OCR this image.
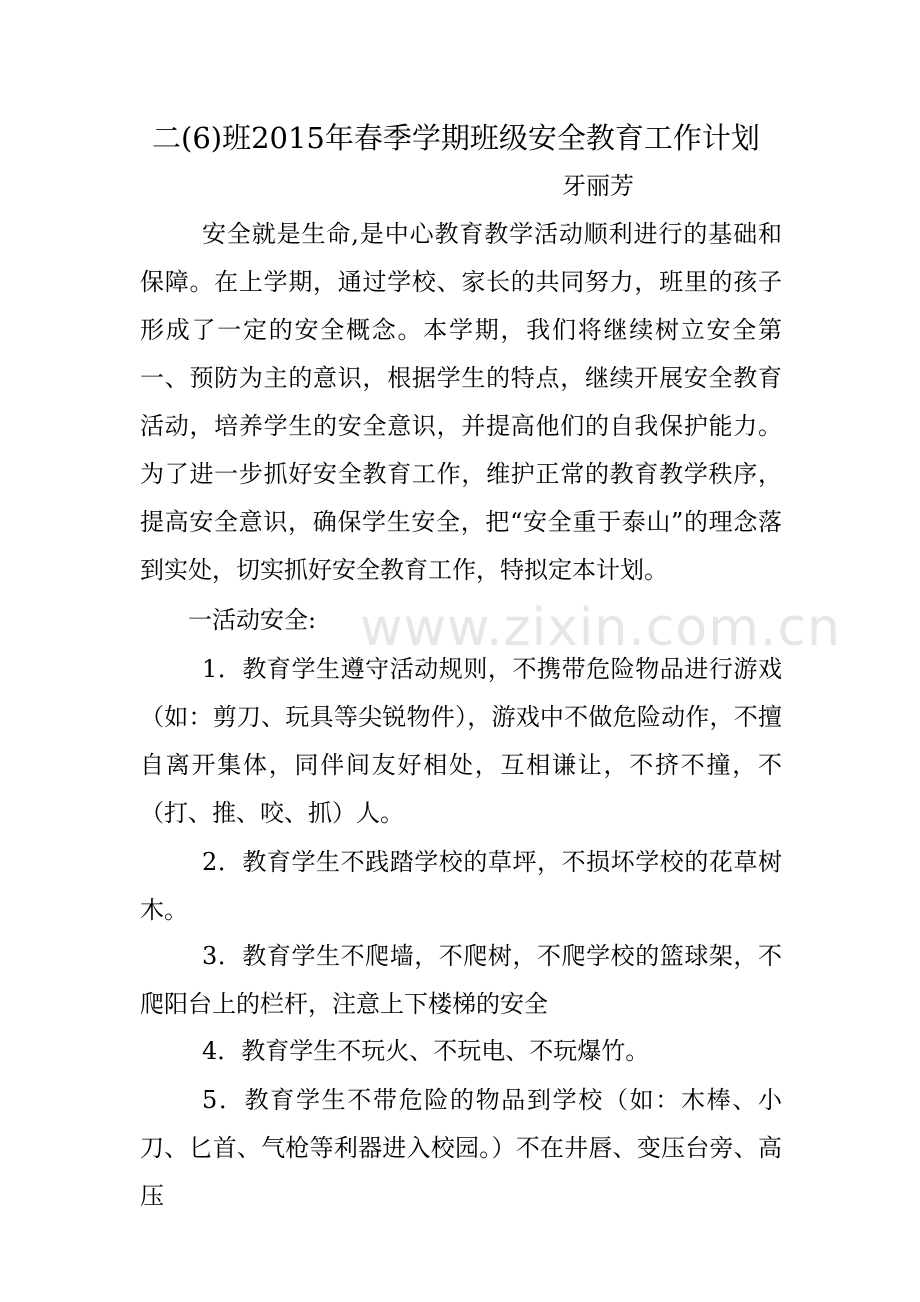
二(6)班2015年春季学期班级安全教育工作计划
牙丽芳

安全就是生命,是中心教育教学活动顺利进行的基础和保障。在上学期，通过学校、家长的共同努力，班里的孩子形成了一定的安全概念。本学期，我们将继续树立安全第一、预防为主的意识，根据学生的特点，继续开展安全教育活动，培养学生的安全意识，并提高他们的自我保护能力。为了进一步抓好安全教育工作，维护正常的教育教学秩序，提高安全意识，确保学生安全，把“安全重于泰山”的理念落到实处，切实抓好安全教育工作，特拟定本计划。

一活动安全:

1．教育学生遵守活动规则，不携带危险物品进行游戏（如：剪刀、玩具等尖锐物件），游戏中不做危险动作，不擅自离开集体，同伴间友好相处，互相谦让，不挤不撞，不（打、推、咬、抓）人。

2．教育学生不践踏学校的草坪，不损坏学校的花草树木。

3．教育学生不爬墙，不爬树，不爬学校的篮球架，不爬阳台上的栏杆，注意上下楼梯的安全

4．教育学生不玩火、不玩电、不玩爆竹。

5．教育学生不带危险的物品到学校（如：木棒、小刀、匕首、气枪等利器进入校园。）不在井唇、变压台旁、高压

www.zixin.com.cn
